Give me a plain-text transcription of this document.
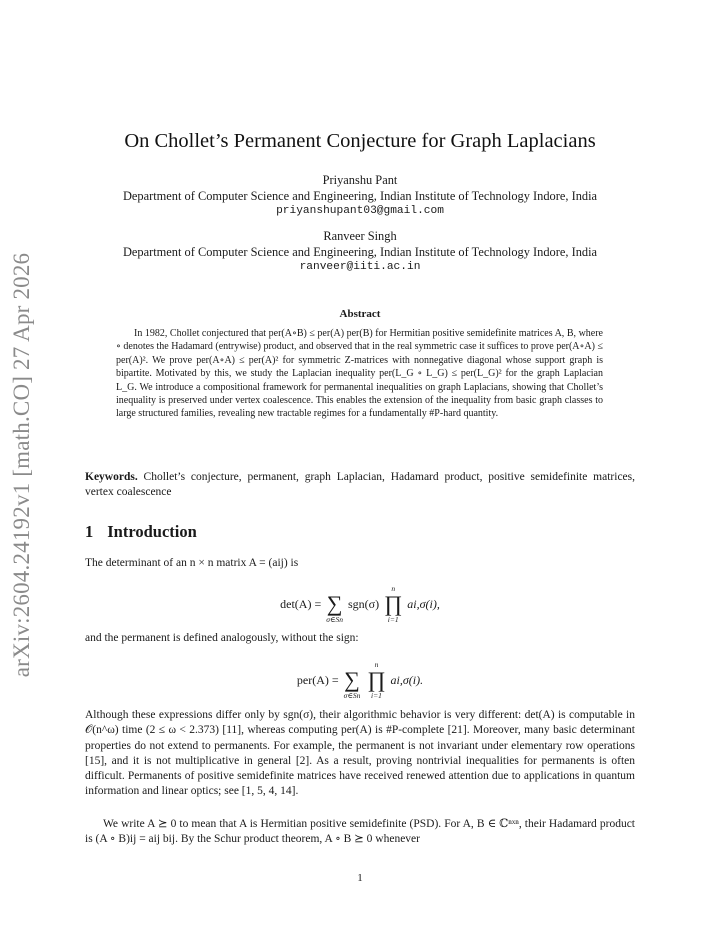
arXiv:2604.24192v1 [math.CO] 27 Apr 2026
On Chollet’s Permanent Conjecture for Graph Laplacians
Priyanshu Pant
Department of Computer Science and Engineering, Indian Institute of Technology Indore, India
priyanshupant03@gmail.com
Ranveer Singh
Department of Computer Science and Engineering, Indian Institute of Technology Indore, India
ranveer@iiti.ac.in
Abstract
In 1982, Chollet conjectured that per(A∘B) ≤ per(A) per(B) for Hermitian positive semidefinite matrices A, B, where ∘ denotes the Hadamard (entrywise) product, and observed that in the real symmetric case it suffices to prove per(A∘A) ≤ per(A)². We prove per(A∘A) ≤ per(A)² for symmetric Z-matrices with nonnegative diagonal whose support graph is bipartite. Motivated by this, we study the Laplacian inequality per(L_G ∘ L_G) ≤ per(L_G)² for the graph Laplacian L_G. We introduce a compositional framework for permanental inequalities on graph Laplacians, showing that Chollet’s inequality is preserved under vertex coalescence. This enables the extension of the inequality from basic graph classes to large structured families, revealing new tractable regimes for a fundamentally #P-hard quantity.
Keywords. Chollet’s conjecture, permanent, graph Laplacian, Hadamard product, positive semidefinite matrices, vertex coalescence
1 Introduction
The determinant of an n × n matrix A = (aij) is
det(A) =
∑
σ∈Sn
sgn(σ)
n
∏
i=1
ai,σ(i),
and the permanent is defined analogously, without the sign:
per(A) =
∑
σ∈Sn

n
∏
i=1
ai,σ(i).
Although these expressions differ only by sgn(σ), their algorithmic behavior is very different: det(A) is computable in 𝒪(n^ω) time (2 ≤ ω < 2.373) [11], whereas computing per(A) is #P-complete [21]. Moreover, many basic determinant properties do not extend to permanents. For example, the permanent is not invariant under elementary row operations [15], and it is not multiplicative in general [2]. As a result, proving nontrivial inequalities for permanents is often difficult. Permanents of positive semidefinite matrices have received renewed attention due to applications in quantum information and linear optics; see [1, 5, 4, 14].
We write A ⪰ 0 to mean that A is Hermitian positive semidefinite (PSD). For A, B ∈ ℂⁿˣⁿ, their Hadamard product is (A ∘ B)ij = aij bij. By the Schur product theorem, A ∘ B ⪰ 0 whenever
1
